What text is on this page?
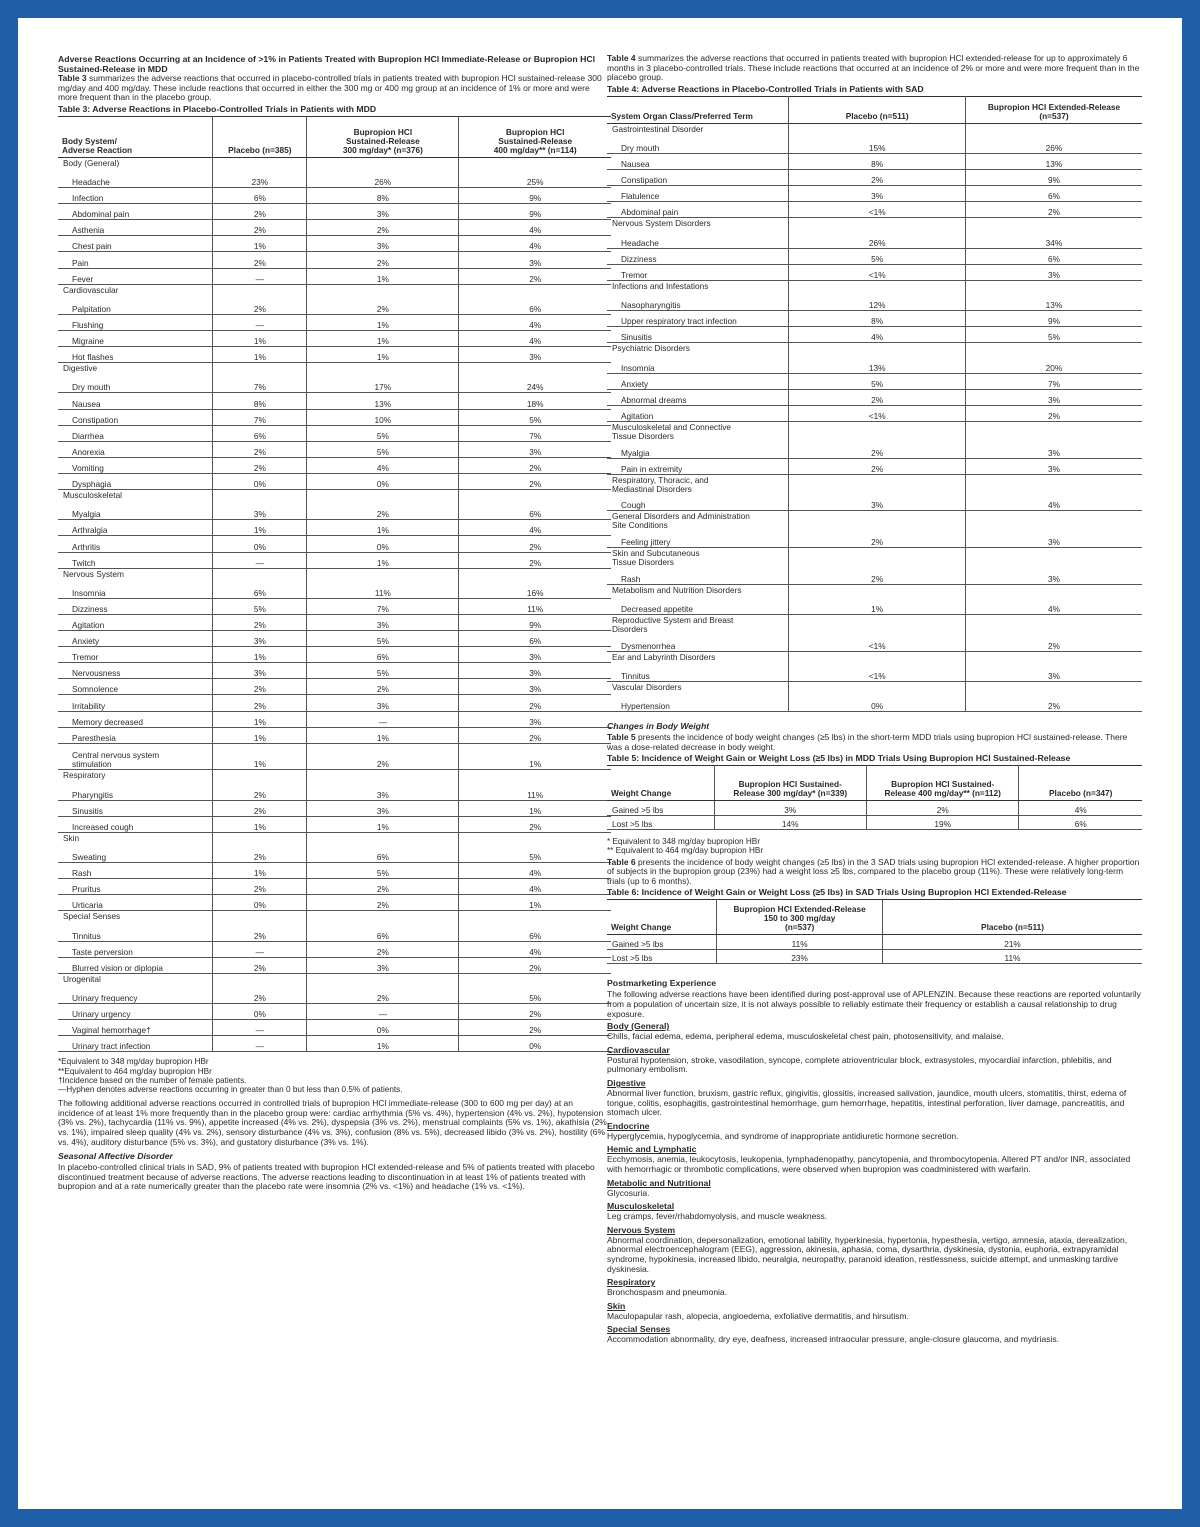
Adverse Reactions Occurring at an Incidence of >1% in Patients Treated with Bupropion HCl Immediate-Release or Bupropion HCl Sustained-Release in MDD

Table 3 summarizes the adverse reactions that occurred in placebo-controlled trials in patients treated with bupropion HCl sustained-release 300 mg/day and 400 mg/day. These include reactions that occurred in either the 300 mg or 400 mg group at an incidence of 1% or more and were more frequent than in the placebo group.

Table 3: Adverse Reactions in Placebo-Controlled Trials in Patients with MDD

Body System/
Adverse Reaction	Placebo (n=385)	Bupropion HCl
Sustained-Release
300 mg/day* (n=376)	Bupropion HCl
Sustained-Release
400 mg/day** (n=114)
Body (General)			
Headache	23%	26%	25%
Infection	6%	8%	9%
Abdominal pain	2%	3%	9%
Asthenia	2%	2%	4%
Chest pain	1%	3%	4%
Pain	2%	2%	3%
Fever	—	1%	2%
Cardiovascular			
Palpitation	2%	2%	6%
Flushing	—	1%	4%
Migraine	1%	1%	4%
Hot flashes	1%	1%	3%
Digestive			
Dry mouth	7%	17%	24%
Nausea	8%	13%	18%
Constipation	7%	10%	5%
Diarrhea	6%	5%	7%
Anorexia	2%	5%	3%
Vomiting	2%	4%	2%
Dysphagia	0%	0%	2%
Musculoskeletal			
Myalgia	3%	2%	6%
Arthralgia	1%	1%	4%
Arthritis	0%	0%	2%
Twitch	—	1%	2%
Nervous System			
Insomnia	6%	11%	16%
Dizziness	5%	7%	11%
Agitation	2%	3%	9%
Anxiety	3%	5%	6%
Tremor	1%	6%	3%
Nervousness	3%	5%	3%
Somnolence	2%	2%	3%
Irritability	2%	3%	2%
Memory decreased	1%	—	3%
Paresthesia	1%	1%	2%
Central nervous system
stimulation	1%	2%	1%
Respiratory			
Pharyngitis	2%	3%	11%
Sinusitis	2%	3%	1%
Increased cough	1%	1%	2%
Skin			
Sweating	2%	6%	5%
Rash	1%	5%	4%
Pruritus	2%	2%	4%
Urticaria	0%	2%	1%
Special Senses			
Tinnitus	2%	6%	6%
Taste perversion	—	2%	4%
Blurred vision or diplopia	2%	3%	2%
Urogenital			
Urinary frequency	2%	2%	5%
Urinary urgency	0%	—	2%
Vaginal hemorrhage†	—	0%	2%
Urinary tract infection	—	1%	0%

*Equivalent to 348 mg/day bupropion HBr

**Equivalent to 464 mg/day bupropion HBr

†Incidence based on the number of female patients.

—Hyphen denotes adverse reactions occurring in greater than 0 but less than 0.5% of patients.

The following additional adverse reactions occurred in controlled trials of bupropion HCl immediate-release (300 to 600 mg per day) at an incidence of at least 1% more frequently than in the placebo group were: cardiac arrhythmia (5% vs. 4%), hypertension (4% vs. 2%), hypotension (3% vs. 2%), tachycardia (11% vs. 9%), appetite increased (4% vs. 2%), dyspepsia (3% vs. 2%), menstrual complaints (5% vs. 1%), akathisia (2% vs. 1%), impaired sleep quality (4% vs. 2%), sensory disturbance (4% vs. 3%), confusion (8% vs. 5%), decreased libido (3% vs. 2%), hostility (6% vs. 4%), auditory disturbance (5% vs. 3%), and gustatory disturbance (3% vs. 1%).

Seasonal Affective Disorder

In placebo-controlled clinical trials in SAD, 9% of patients treated with bupropion HCl extended-release and 5% of patients treated with placebo discontinued treatment because of adverse reactions. The adverse reactions leading to discontinuation in at least 1% of patients treated with bupropion and at a rate numerically greater than the placebo rate were insomnia (2% vs. <1%) and headache (1% vs. <1%).

Table 4 summarizes the adverse reactions that occurred in patients treated with bupropion HCl extended-release for up to approximately 6 months in 3 placebo-controlled trials. These include reactions that occurred at an incidence of 2% or more and were more frequent than in the placebo group.

Table 4: Adverse Reactions in Placebo-Controlled Trials in Patients with SAD

System Organ Class/Preferred Term	Placebo (n=511)	Bupropion HCl Extended-Release
(n=537)
Gastrointestinal Disorder		
Dry mouth	15%	26%
Nausea	8%	13%
Constipation	2%	9%
Flatulence	3%	6%
Abdominal pain	<1%	2%
Nervous System Disorders		
Headache	26%	34%
Dizziness	5%	6%
Tremor	<1%	3%
Infections and Infestations		
Nasopharyngitis	12%	13%
Upper respiratory tract infection	8%	9%
Sinusitis	4%	5%
Psychiatric Disorders		
Insomnia	13%	20%
Anxiety	5%	7%
Abnormal dreams	2%	3%
Agitation	<1%	2%
Musculoskeletal and Connective
Tissue Disorders		
Myalgia	2%	3%
Pain in extremity	2%	3%
Respiratory, Thoracic, and
Mediastinal Disorders		
Cough	3%	4%
General Disorders and Administration
Site Conditions		
Feeling jittery	2%	3%
Skin and Subcutaneous
Tissue Disorders		
Rash	2%	3%
Metabolism and Nutrition Disorders		
Decreased appetite	1%	4%
Reproductive System and Breast
Disorders		
Dysmenorrhea	<1%	2%
Ear and Labyrinth Disorders		
Tinnitus	<1%	3%
Vascular Disorders		
Hypertension	0%	2%

Changes in Body Weight

Table 5 presents the incidence of body weight changes (≥5 lbs) in the short-term MDD trials using bupropion HCl sustained-release. There was a dose-related decrease in body weight.

Table 5: Incidence of Weight Gain or Weight Loss (≥5 lbs) in MDD Trials Using Bupropion HCl Sustained-Release

Weight Change	Bupropion HCl Sustained-
Release 300 mg/day* (n=339)	Bupropion HCl Sustained-
Release 400 mg/day** (n=112)	Placebo (n=347)
Gained >5 lbs	3%	2%	4%
Lost >5 lbs	14%	19%	6%

* Equivalent to 348 mg/day bupropion HBr

** Equivalent to 464 mg/day bupropion HBr

Table 6 presents the incidence of body weight changes (≥5 lbs) in the 3 SAD trials using bupropion HCl extended-release. A higher proportion of subjects in the bupropion group (23%) had a weight loss ≥5 lbs, compared to the placebo group (11%). These were relatively long-term trials (up to 6 months).

Table 6: Incidence of Weight Gain or Weight Loss (≥5 lbs) in SAD Trials Using Bupropion HCl Extended-Release

Weight Change	Bupropion HCl Extended-Release
150 to 300 mg/day
(n=537)	Placebo (n=511)
Gained >5 lbs	11%	21%
Lost >5 lbs	23%	11%

Postmarketing Experience

The following adverse reactions have been identified during post-approval use of APLENZIN. Because these reactions are reported voluntarily from a population of uncertain size, it is not always possible to reliably estimate their frequency or establish a causal relationship to drug exposure.

Body (General)

Chills, facial edema, edema, peripheral edema, musculoskeletal chest pain, photosensitivity, and malaise.

Cardiovascular

Postural hypotension, stroke, vasodilation, syncope, complete atrioventricular block, extrasystoles, myocardial infarction, phlebitis, and pulmonary embolism.

Digestive

Abnormal liver function, bruxism, gastric reflux, gingivitis, glossitis, increased salivation, jaundice, mouth ulcers, stomatitis, thirst, edema of tongue, colitis, esophagitis, gastrointestinal hemorrhage, gum hemorrhage, hepatitis, intestinal perforation, liver damage, pancreatitis, and stomach ulcer.

Endocrine

Hyperglycemia, hypoglycemia, and syndrome of inappropriate antidiuretic hormone secretion.

Hemic and Lymphatic

Ecchymosis, anemia, leukocytosis, leukopenia, lymphadenopathy, pancytopenia, and thrombocytopenia. Altered PT and/or INR, associated with hemorrhagic or thrombotic complications, were observed when bupropion was coadministered with warfarin.

Metabolic and Nutritional

Glycosuria.

Musculoskeletal

Leg cramps, fever/rhabdomyolysis, and muscle weakness.

Nervous System

Abnormal coordination, depersonalization, emotional lability, hyperkinesia, hypertonia, hypesthesia, vertigo, amnesia, ataxia, derealization, abnormal electroencephalogram (EEG), aggression, akinesia, aphasia, coma, dysarthria, dyskinesia, dystonia, euphoria, extrapyramidal syndrome, hypokinesia, increased libido, neuralgia, neuropathy, paranoid ideation, restlessness, suicide attempt, and unmasking tardive dyskinesia.

Respiratory

Bronchospasm and pneumonia.

Skin

Maculopapular rash, alopecia, angioedema, exfoliative dermatitis, and hirsutism.

Special Senses

Accommodation abnormality, dry eye, deafness, increased intraocular pressure, angle-closure glaucoma, and mydriasis.
